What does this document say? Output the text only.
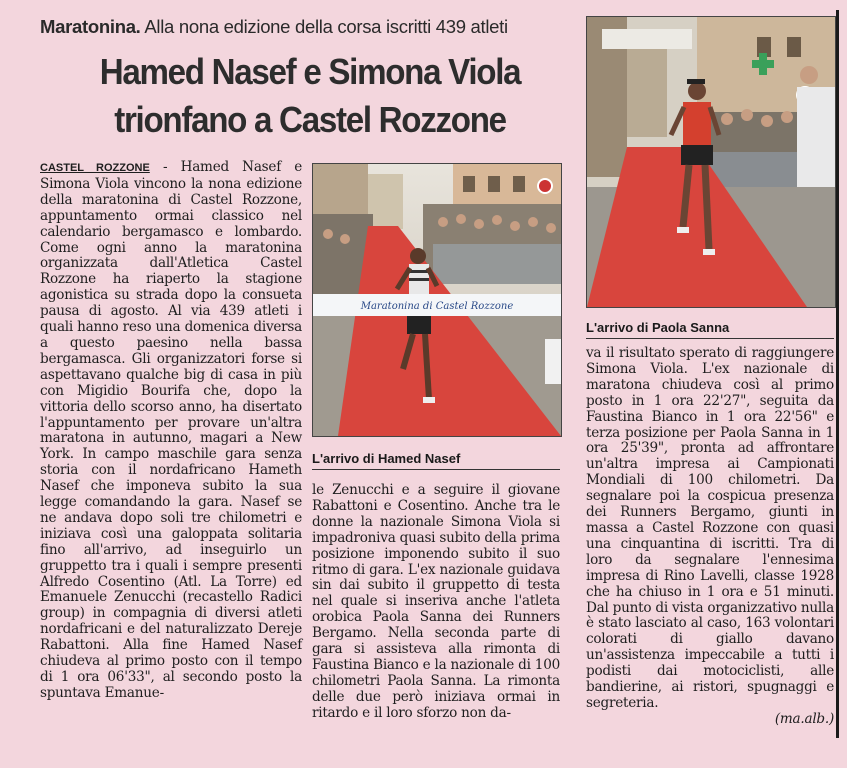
Maratonina. Alla nona edizione della corsa iscritti 439 atleti
Hamed Nasef e Simona Viola
trionfano a Castel Rozzone

CASTEL ROZZONE - Hamed Nasef e Simona Viola vincono la nona edizione della maratonina di Castel Rozzone, appuntamento ormai classico nel calendario bergamasco e lombardo. Come ogni anno la maratonina organizzata dall'Atletica Castel Rozzone ha riaperto la stagione agonistica su strada dopo la consueta pausa di agosto. Al via 439 atleti i quali hanno reso una domenica diversa a questo paesino nella bassa bergamasca. Gli organizzatori forse si aspettavano qualche big di casa in più con Migidio Bourifa che, dopo la vittoria dello scorso anno, ha disertato l'appuntamento per provare un'altra maratona in autunno, magari a New York. In campo maschile gara senza storia con il nordafricano Hameth Nasef che imponeva subito la sua legge comandando la gara. Nasef se ne andava dopo soli tre chilometri e iniziava così una galoppata solitaria fino all'arrivo, ad inseguirlo un gruppetto tra i quali i sempre presenti Alfredo Cosentino (Atl. La Torre) ed Emanuele Zenucchi (recastello Radici group) in compagnia di diversi atleti nordafricani e del naturalizzato Dereje Rabattoni. Alla fine Hamed Nasef chiudeva al primo posto con il tempo di 1 ora 06'33", al secondo posto la spuntava Emanue-

Maratonina di Castel Rozzone
L'arrivo di Hamed Nasef
L'arrivo di Paola Sanna

le Zenucchi e a seguire il giovane Rabattoni e Cosentino. Anche tra le donne la nazionale Simona Viola si impadroniva quasi subito della prima posizione imponendo subito il suo ritmo di gara. L'ex nazionale guidava sin dai subito il gruppetto di testa nel quale si inseriva anche l'atleta orobica Paola Sanna dei Runners Bergamo. Nella seconda parte di gara si assisteva alla rimonta di Faustina Bianco e la nazionale di 100 chilometri Paola Sanna. La rimonta delle due però iniziava ormai in ritardo e il loro sforzo non da-

va il risultato sperato di raggiungere Simona Viola. L'ex nazionale di maratona chiudeva così al primo posto in 1 ora 22'27", seguita da Faustina Bianco in 1 ora 22'56" e terza posizione per Paola Sanna in 1 ora 25'39", pronta ad affrontare un'altra impresa ai Campionati Mondiali di 100 chilometri. Da segnalare poi la cospicua presenza dei Runners Bergamo, giunti in massa a Castel Rozzone con quasi una cinquantina di iscritti. Tra di loro da segnalare l'ennesima impresa di Rino Lavelli, classe 1928 che ha chiuso in 1 ora e 51 minuti. Dal punto di vista organizzativo nulla è stato lasciato al caso, 163 volontari colorati di giallo davano un'assistenza impeccabile a tutti i podisti dai motociclisti, alle bandierine, ai ristori, spugnaggi e segreteria.

(ma.alb.)
